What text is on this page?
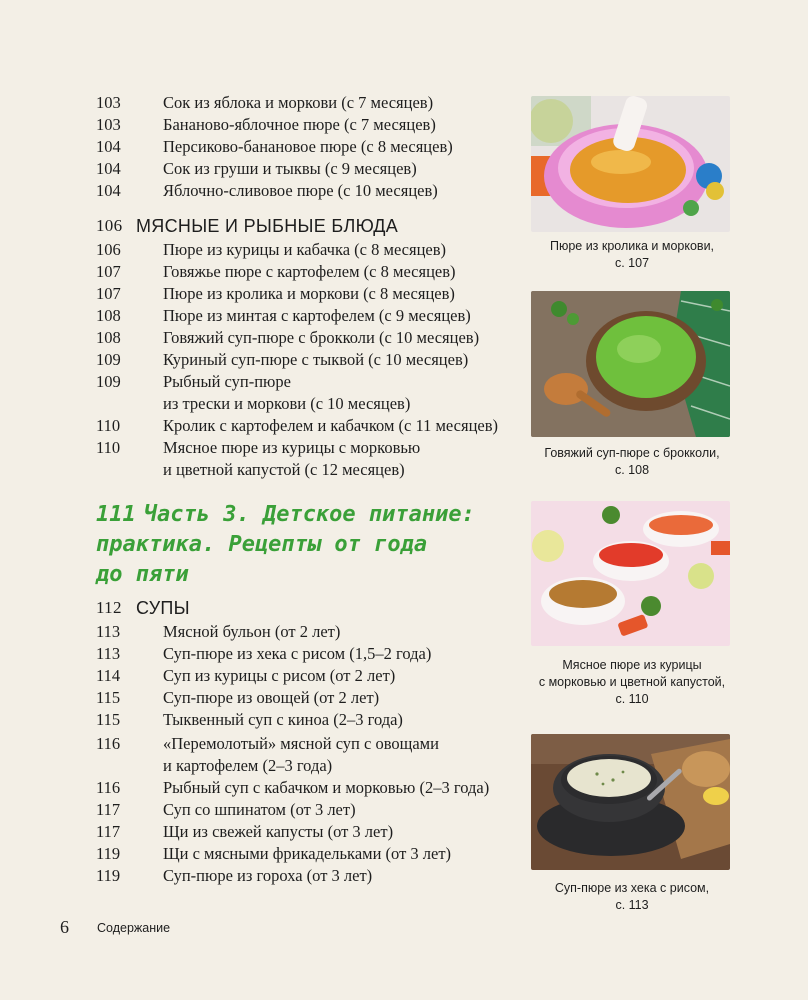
103	Сок из яблока и моркови (с 7 месяцев)
103	Бананово-яблочное пюре (с 7 месяцев)
104	Персиково-банановое пюре (с 8 месяцев)
104	Сок из груши и тыквы (с 9 месяцев)
104	Яблочно-сливовое пюре (с 10 месяцев)
106 МЯСНЫЕ И РЫБНЫЕ БЛЮДА
106	Пюре из курицы и кабачка (с 8 месяцев)
107	Говяжье пюре с картофелем (с 8 месяцев)
107	Пюре из кролика и моркови (с 8 месяцев)
108	Пюре из минтая с картофелем (с 9 месяцев)
108	Говяжий суп-пюре с брокколи (с 10 месяцев)
109	Куриный суп-пюре с тыквой (с 10 месяцев)
109	Рыбный суп-пюре
из трески и моркови (с 10 месяцев)
110	Кролик с картофелем и кабачком (с 11 месяцев)
110	Мясное пюре из курицы с морковью
и цветной капустой (с 12 месяцев)
111 Часть 3. Детское питание:
практика. Рецепты от года
до пяти
112 СУПЫ
113	Мясной бульон (от 2 лет)
113	Суп-пюре из хека с рисом (1,5–2 года)
114	Суп из курицы с рисом (от 2 лет)
115	Суп-пюре из овощей (от 2 лет)
115	Тыквенный суп с киноа (2–3 года)
116	«Перемолотый» мясной суп с овощами
и картофелем (2–3 года)
116	Рыбный суп с кабачком и морковью (2–3 года)
117	Суп со шпинатом (от 3 лет)
117	Щи из свежей капусты (от 3 лет)
119	Щи с мясными фрикадельками (от 3 лет)
119	Суп-пюре из гороха (от 3 лет)
Пюре из кролика и моркови,
с. 107
Говяжий суп-пюре с брокколи,
с. 108
Мясное пюре из курицы
с морковью и цветной капустой,
с. 110
Суп-пюре из хека с рисом,
с. 113
6 Содержание
